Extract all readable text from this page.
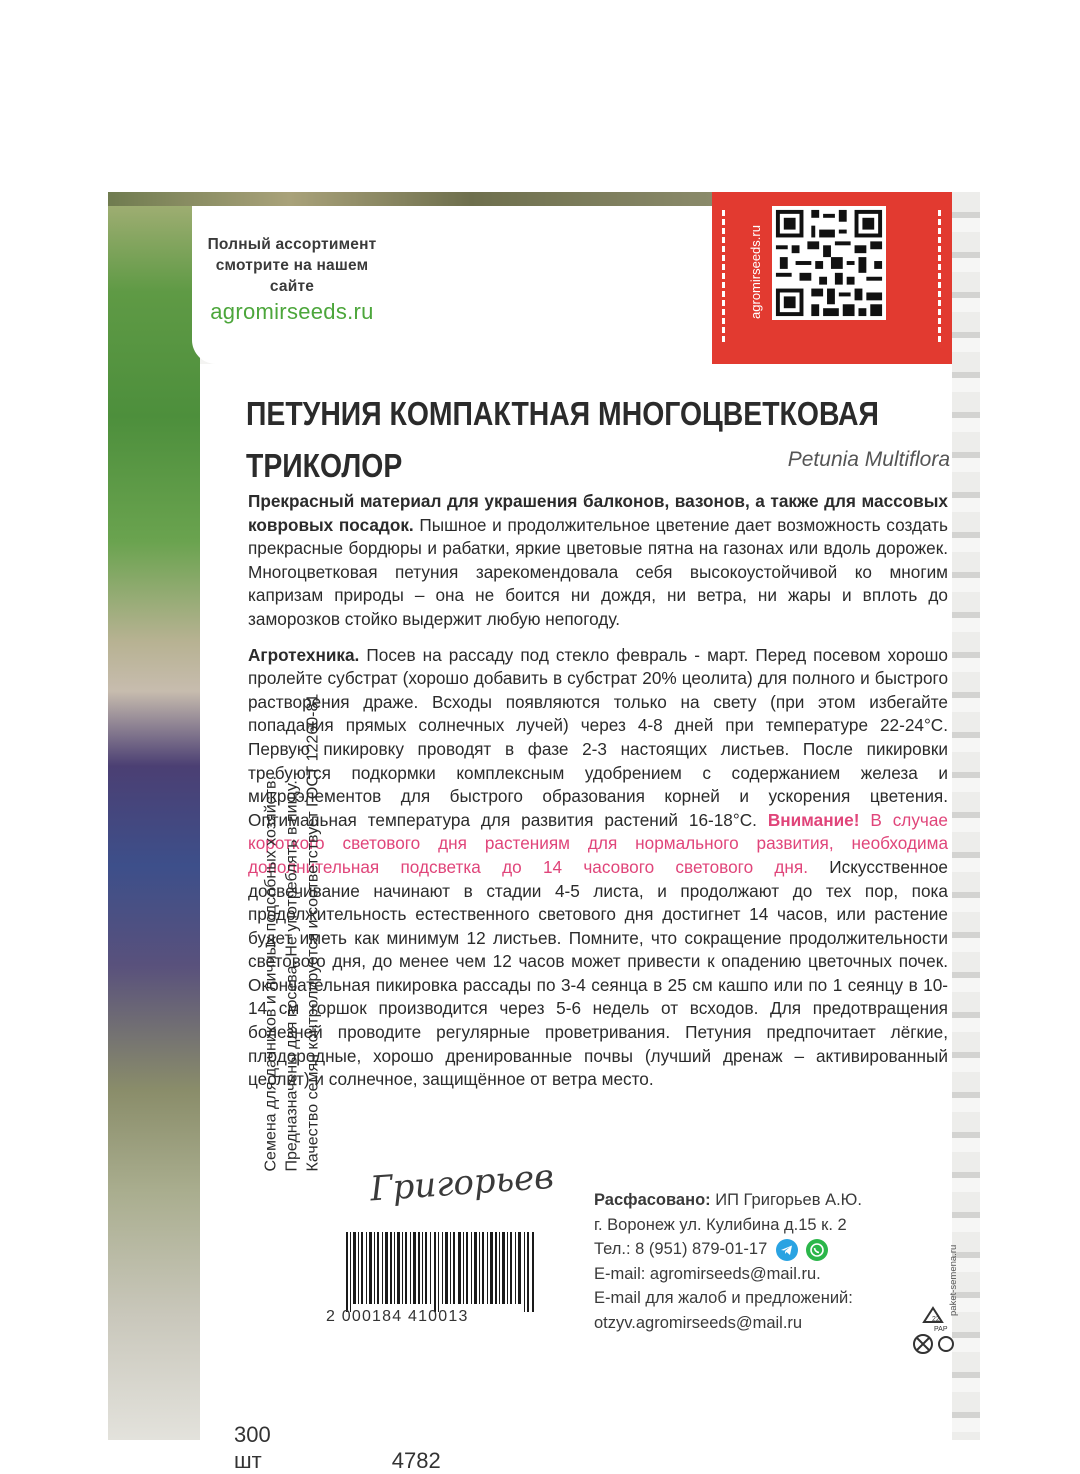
agromirseeds.ru
Полный ассортимент
смотрите на нашем сайте
agromirseeds.ru
ПЕТУНИЯ КОМПАКТНАЯ МНОГОЦВЕТКОВАЯ
ТРИКОЛОР	Petunia Multiflora

Прекрасный материал для украшения балконов, вазонов, а также для массовых ковровых посадок. Пышное и продолжительное цветение дает возможность создать прекрасные бордюры и рабатки, яркие цветовые пятна на газонах или вдоль дорожек. Многоцветковая петуния зарекомендовала себя высокоустойчивой ко многим капризам природы – она не боится ни дождя, ни ветра, ни жары и вплоть до заморозков стойко выдержит любую непогоду.

Агротехника. Посев на рассаду под стекло февраль - март. Перед посевом хорошо пролейте субстрат (хорошо добавить в субстрат 20% цеолита) для полного и быстрого растворения драже. Всходы появляются только на свету (при этом избегайте попадания прямых солнечных лучей) через 4-8 дней при температуре 22-24°С. Первую пикировку проводят в фазе 2-3 настоящих листьев. После пикировки требуются подкормки комплексным удобрением с содержанием железа и микроэлементов для быстрого образования корней и ускорения цветения. Оптимальная температура для развития растений 16-18°С. Внимание! В случае короткого светового дня растениям для нормального развития, необходима дополнительная подсветка до 14 часового светового дня. Искусственное досвечивание начинают в стадии 4-5 листа, и продолжают до тех пор, пока продолжительность естественного светового дня достигнет 14 часов, или растение будет иметь как минимум 12 листьев. Помните, что сокращение продолжительности светового дня, до менее чем 12 часов может привести к опадению цветочных почек. Окончательная пикировка рассады по 3-4 сеянца в 25 см кашпо или по 1 сеянцу в 10-14 см горшок производится через 5-6 недель от всходов. Для предотвращения болезней проводите регулярные проветривания. Петуния предпочитает лёгкие, плодородные, хорошо дренированные почвы (лучший дренаж – активированный цеолит) и солнечное, защищённое от ветра место.

Семена для дачников и личных подсобных хозяйств. Предназначены для посева. Не употреблять в пищу. Качество семян контролируется и соответствует ГОСТ 12260-81
Григорьев
2 000184 410013
Расфасовано: ИП Григорьев А.Ю.
г. Воронеж ул. Кулибина д.15 к. 2
Тел.: 8 (951) 879-01-17
E-mail: agromirseeds@mail.ru.
E-mail для жалоб и предложений:
otzyv.agromirseeds@mail.ru	22
PAP
paket-semena.ru
300 шт	4782
